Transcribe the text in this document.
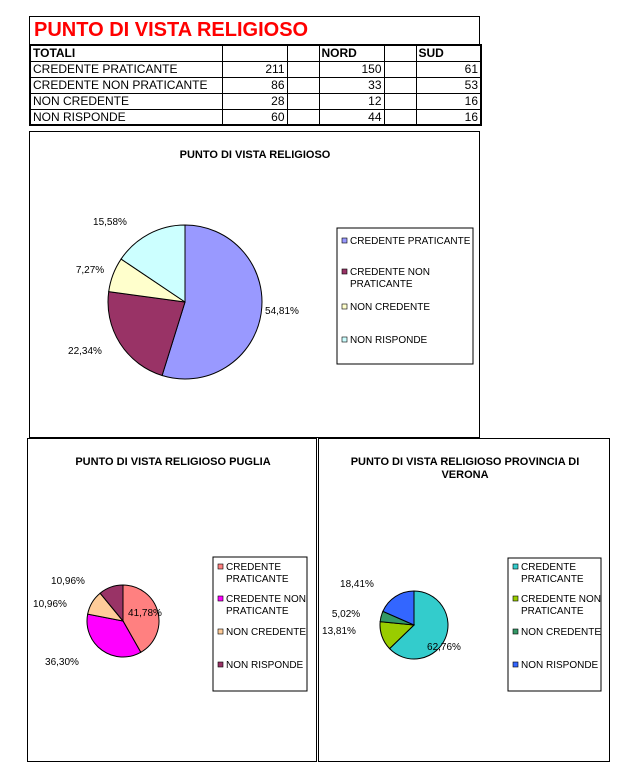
PUNTO DI VISTA RELIGIOSO
TOTALI			NORD		SUD
CREDENTE PRATICANTE	211		150		61
CREDENTE NON PRATICANTE	86		33		53
NON CREDENTE	28		12		16
NON RISPONDE	60		44		16
PUNTO DI VISTA RELIGIOSO
54,81%
22,34%
7,27%
15,58%
CREDENTE PRATICANTE
CREDENTE NON
PRATICANTE
NON CREDENTE
NON RISPONDE
PUNTO DI VISTA RELIGIOSO PUGLIA
41,78%
36,30%
10,96%
10,96%
CREDENTE
PRATICANTE
CREDENTE NON
PRATICANTE
NON CREDENTE
NON RISPONDE
PUNTO DI VISTA RELIGIOSO PROVINCIA DI VERONA
62,76%
13,81%
5,02%
18,41%
CREDENTE
PRATICANTE
CREDENTE NON
PRATICANTE
NON CREDENTE
NON RISPONDE
